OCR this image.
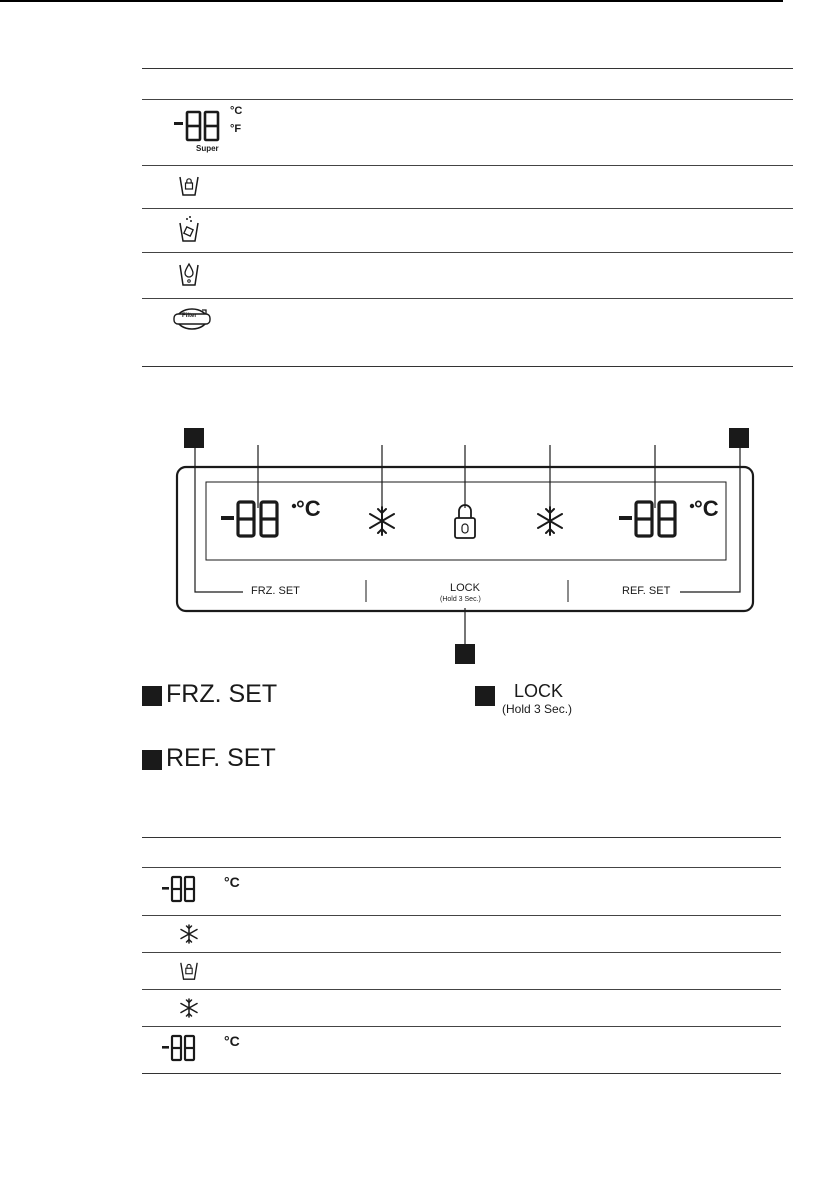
°C
°F
Super
Filter
°C	°C
FRZ. SET	LOCK
(Hold 3 Sec.)
REF. SET
FRZ. SET	LOCK
(Hold 3 Sec.)
REF. SET
°C
°C
